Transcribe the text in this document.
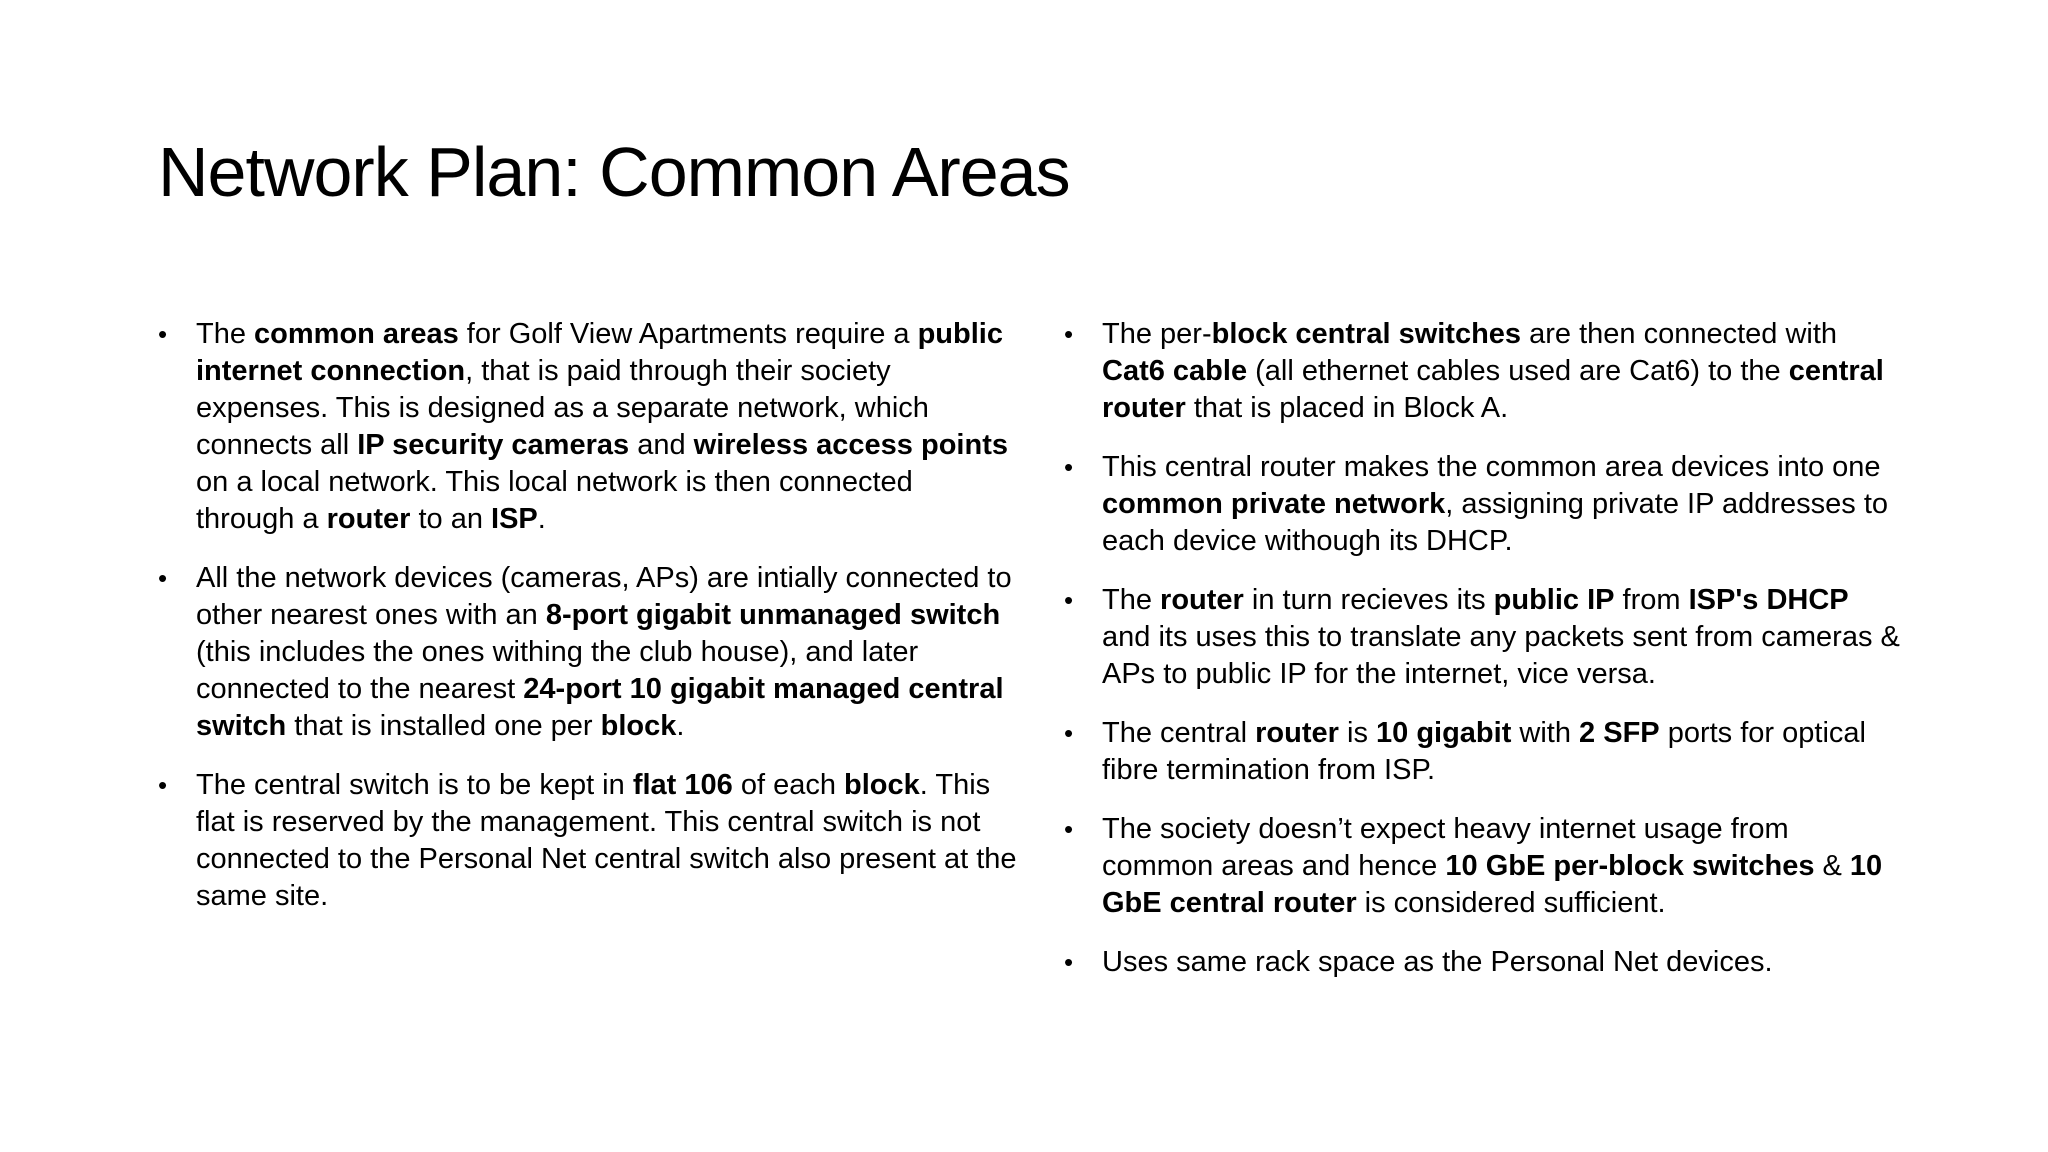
Network Plan: Common Areas
• The common areas for Golf View Apartments require a public internet connection, that is paid through their society expenses. This is designed as a separate network, which connects all IP security cameras and wireless access points on a local network. This local network is then connected through a router to an ISP.
• All the network devices (cameras, APs) are intially connected to other nearest ones with an 8-port gigabit unmanaged switch (this includes the ones withing the club house), and later connected to the nearest 24-port 10 gigabit managed central switch that is installed one per block.
• The central switch is to be kept in flat 106 of each block. This flat is reserved by the management. This central switch is not connected to the Personal Net central switch also present at the same site.
• The per-block central switches are then connected with Cat6 cable (all ethernet cables used are Cat6) to the central router that is placed in Block A.
• This central router makes the common area devices into one common private network, assigning private IP addresses to each device withough its DHCP.
• The router in turn recieves its public IP from ISP's DHCP and its uses this to translate any packets sent from cameras & APs to public IP for the internet, vice versa.
• The central router is 10 gigabit with 2 SFP ports for optical fibre termination from ISP.
• The society doesn’t expect heavy internet usage from common areas and hence 10 GbE per-block switches & 10 GbE central router is considered sufficient.
• Uses same rack space as the Personal Net devices.
